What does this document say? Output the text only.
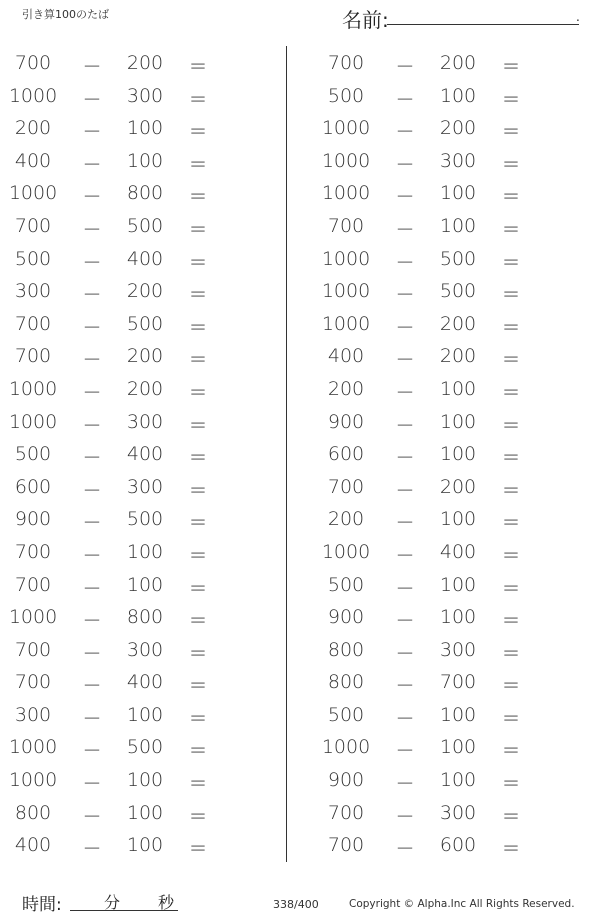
引き算100のたば	名前:	.
700	－	200	＝
1000	－	300	＝
200	－	100	＝
400	－	100	＝
1000	－	800	＝
700	－	500	＝
500	－	400	＝
300	－	200	＝
700	－	500	＝
700	－	200	＝
1000	－	200	＝
1000	－	300	＝
500	－	400	＝
600	－	300	＝
900	－	500	＝
700	－	100	＝
700	－	100	＝
1000	－	800	＝
700	－	300	＝
700	－	400	＝
300	－	100	＝
1000	－	500	＝
1000	－	100	＝
800	－	100	＝
400	－	100	＝
700	－	200	＝
500	－	100	＝
1000	－	200	＝
1000	－	300	＝
1000	－	100	＝
700	－	100	＝
1000	－	500	＝
1000	－	500	＝
1000	－	200	＝
400	－	200	＝
200	－	100	＝
900	－	100	＝
600	－	100	＝
700	－	200	＝
200	－	100	＝
1000	－	400	＝
500	－	100	＝
900	－	100	＝
800	－	300	＝
800	－	700	＝
500	－	100	＝
1000	－	100	＝
900	－	100	＝
700	－	300	＝
700	－	600	＝
時間:	分 秒	338/400	Copyright © Alpha.Inc All Rights Reserved.
